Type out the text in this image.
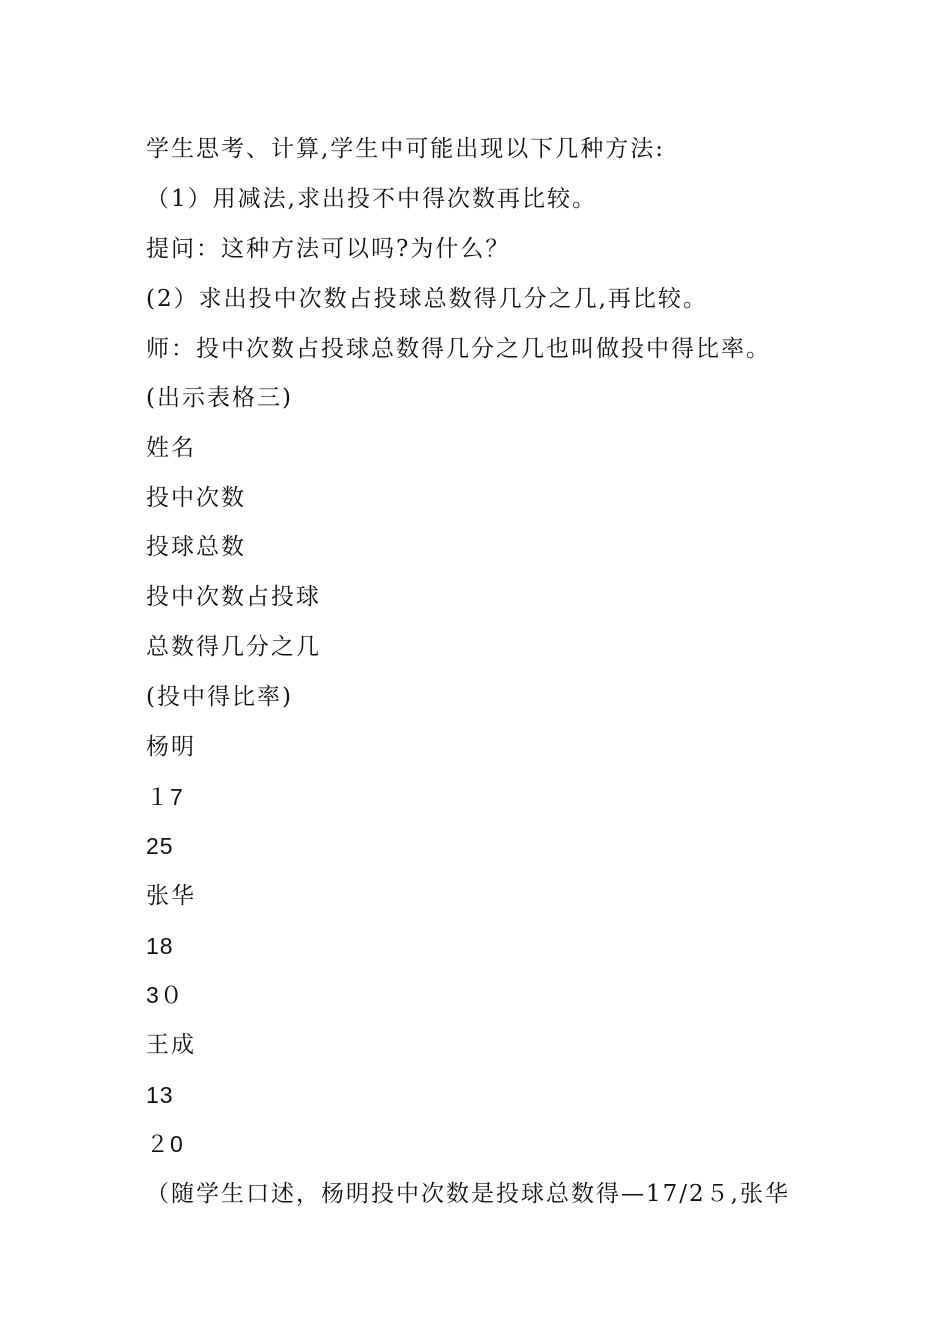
学生思考、计算,学生中可能出现以下几种方法:
（1）用减法,求出投不中得次数再比较。
提问：这种方法可以吗?为什么？
(2）求出投中次数占投球总数得几分之几,再比较。
师：投中次数占投球总数得几分之几也叫做投中得比率。
(出示表格三)
姓名
投中次数
投球总数
投中次数占投球
总数得几分之几
(投中得比率)
杨明
１7
25
张华
18
3０
王成
13
２0
（随学生口述，杨明投中次数是投球总数得—17/2５,张华
